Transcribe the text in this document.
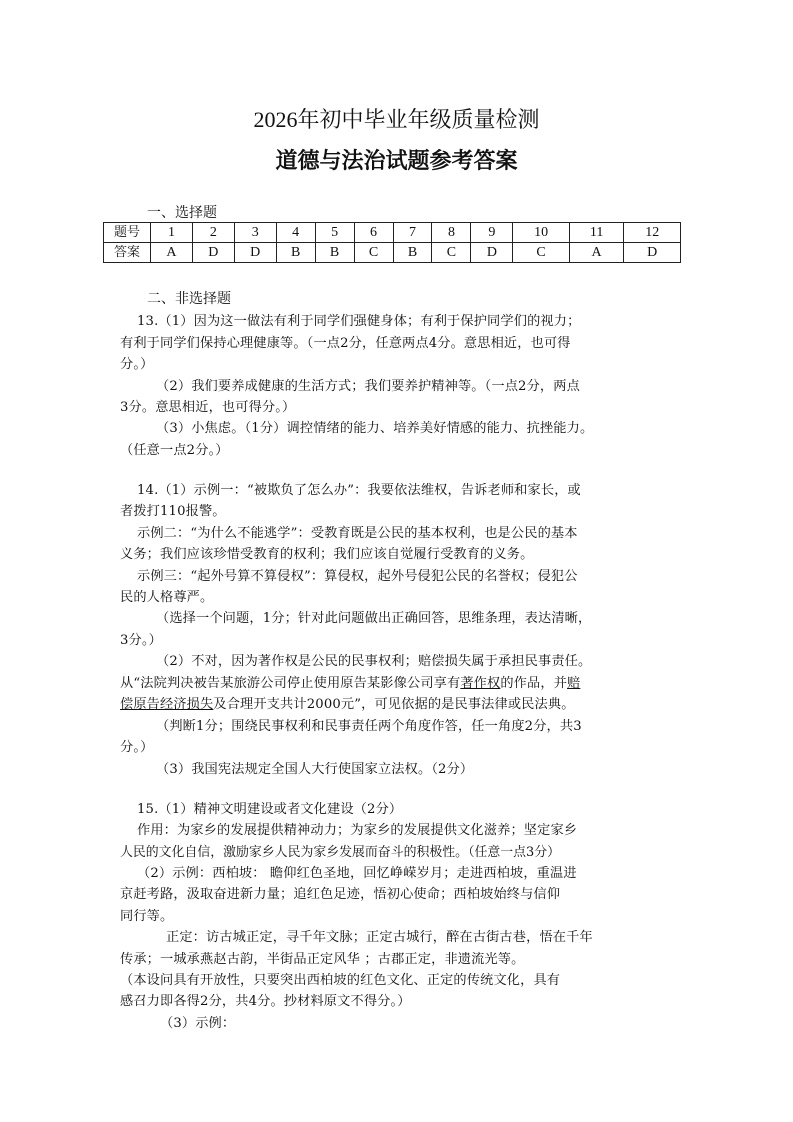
2026年初中毕业年级质量检测
道德与法治试题参考答案
一、选择题
题号	1	2	3	4	5	6	7	8	9	10	11	12
答案	A	D	D	B	B	C	B	C	D	C	A	D
二、非选择题
13.（1）因为这一做法有利于同学们强健身体；有利于保护同学们的视力；
有利于同学们保持心理健康等。（一点2分，任意两点4分。意思相近，也可得
分。）
（2）我们要养成健康的生活方式；我们要养护精神等。（一点2分，两点
3分。意思相近，也可得分。）
（3）小焦虑。（1分）调控情绪的能力、培养美好情感的能力、抗挫能力。
（任意一点2分。）
14.（1）示例一：“被欺负了怎么办”：我要依法维权，告诉老师和家长，或
者拨打110报警。
示例二：“为什么不能逃学”：受教育既是公民的基本权利，也是公民的基本
义务；我们应该珍惜受教育的权利；我们应该自觉履行受教育的义务。
示例三：“起外号算不算侵权”：算侵权，起外号侵犯公民的名誉权；侵犯公
民的人格尊严。
（选择一个问题，1分；针对此问题做出正确回答，思维条理，表达清晰，
3分。）
（2）不对，因为著作权是公民的民事权利；赔偿损失属于承担民事责任。
从“法院判决被告某旅游公司停止使用原告某影像公司享有著作权的作品，并赔
偿原告经济损失及合理开支共计2000元”，可见依据的是民事法律或民法典。
（判断1分；围绕民事权利和民事责任两个角度作答，任一角度2分，共3
分。）
（3）我国宪法规定全国人大行使国家立法权。（2分）
15.（1）精神文明建设或者文化建设（2分）
作用：为家乡的发展提供精神动力；为家乡的发展提供文化滋养；坚定家乡
人民的文化自信，激励家乡人民为家乡发展而奋斗的积极性。（任意一点3分）
（2）示例：西柏坡： 瞻仰红色圣地，回忆峥嵘岁月；走进西柏坡，重温进
京赶考路，汲取奋进新力量；追红色足迹，悟初心使命；西柏坡始终与信仰
同行等。
正定：访古城正定，寻千年文脉；正定古城行，醉在古街古巷，悟在千年
传承；一城承燕赵古韵，半街品正定风华 ；古郡正定，非遗流光等。
（本设问具有开放性，只要突出西柏坡的红色文化、正定的传统文化，具有
感召力即各得2分，共4分。抄材料原文不得分。）
（3）示例：
